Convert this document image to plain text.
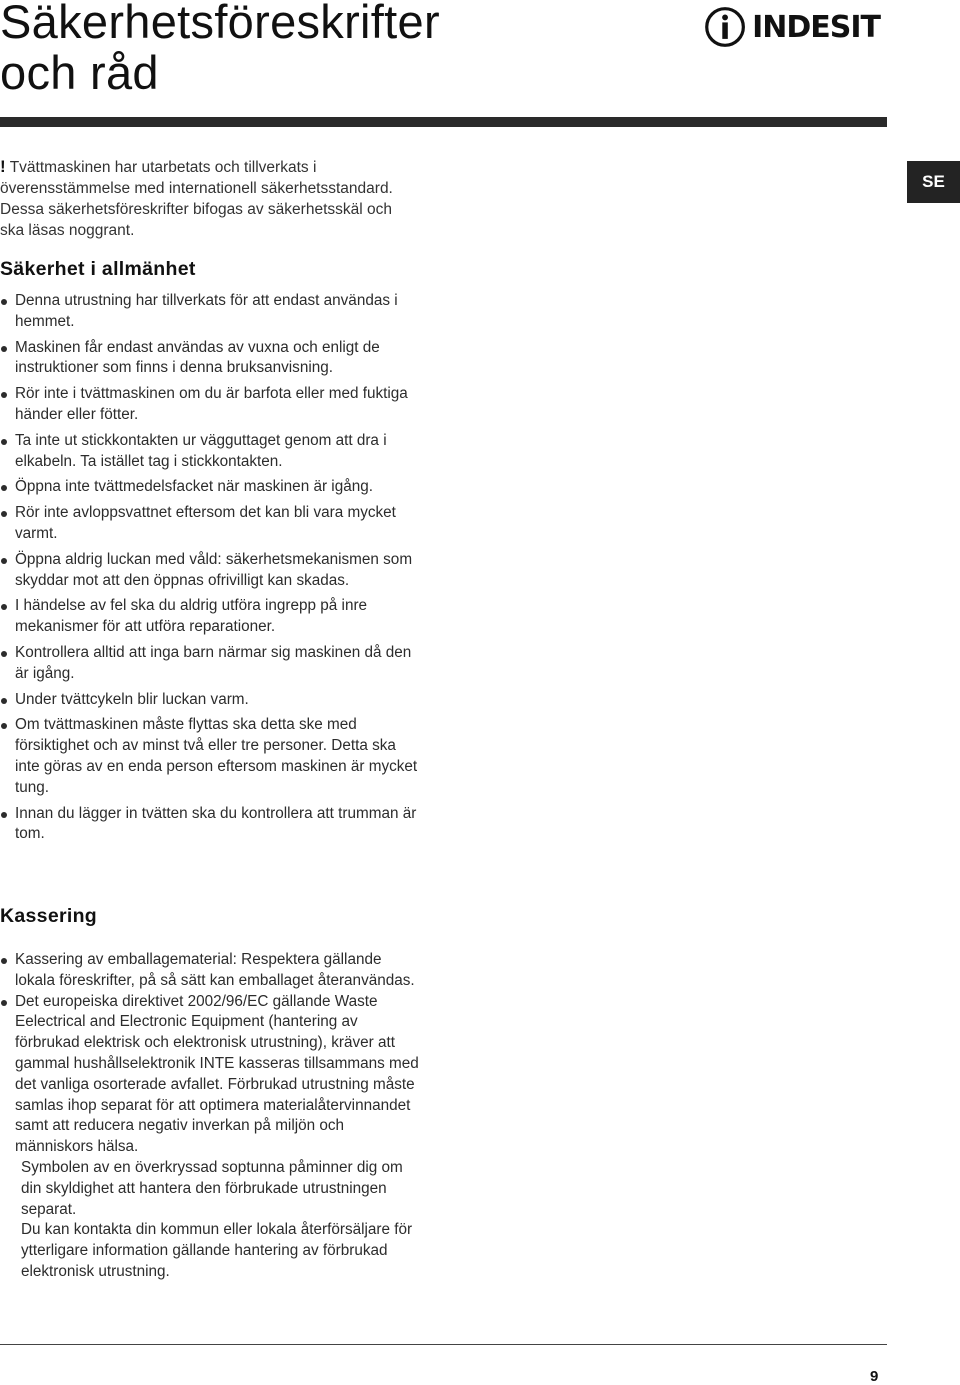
Säkerhetsföreskrifter
och råd
INDESIT
SE

! Tvättmaskinen har utarbetats och tillverkats i överensstämmelse med internationell säkerhetsstandard. Dessa säkerhetsföreskrifter bifogas av säkerhetsskäl och ska läsas noggrant.

Säkerhet i allmänhet
Denna utrustning har tillverkats för att endast användas i hemmet.
Maskinen får endast användas av vuxna och enligt de instruktioner som finns i denna bruksanvisning.
Rör inte i tvättmaskinen om du är barfota eller med fuktiga händer eller fötter.
Ta inte ut stickkontakten ur vägguttaget genom att dra i elkabeln. Ta istället tag i stickkontakten.
Öppna inte tvättmedelsfacket när maskinen är igång.
Rör inte avloppsvattnet eftersom det kan bli vara mycket varmt.
Öppna aldrig luckan med våld: säkerhetsmekanismen som skyddar mot att den öppnas ofrivilligt kan skadas.
I händelse av fel ska du aldrig utföra ingrepp på inre mekanismer för att utföra reparationer.
Kontrollera alltid att inga barn närmar sig maskinen då den är igång.
Under tvättcykeln blir luckan varm.
Om tvättmaskinen måste flyttas ska detta ske med försiktighet och av minst två eller tre personer. Detta ska inte göras av en enda person eftersom maskinen är mycket tung.
Innan du lägger in tvätten ska du kontrollera att trumman är tom.
Kassering
Kassering av emballagematerial: Respektera gällande lokala föreskrifter, på så sätt kan emballaget återanvändas.
Det europeiska direktivet 2002/96/EC gällande Waste Eelectrical and Electronic Equipment (hantering av förbrukad elektrisk och elektronisk utrustning), kräver att gammal hushållselektronik INTE kasseras tillsammans med det vanliga osorterade avfallet. Förbrukad utrustning måste samlas ihop separat för att optimera materialåtervinnandet samt att reducera negativ inverkan på miljön och människors hälsa.
Symbolen av en överkryssad soptunna påminner dig om din skyldighet att hantera den förbrukade utrustningen separat.
Du kan kontakta din kommun eller lokala återförsäljare för ytterligare information gällande hantering av förbrukad elektronisk utrustning.
9
